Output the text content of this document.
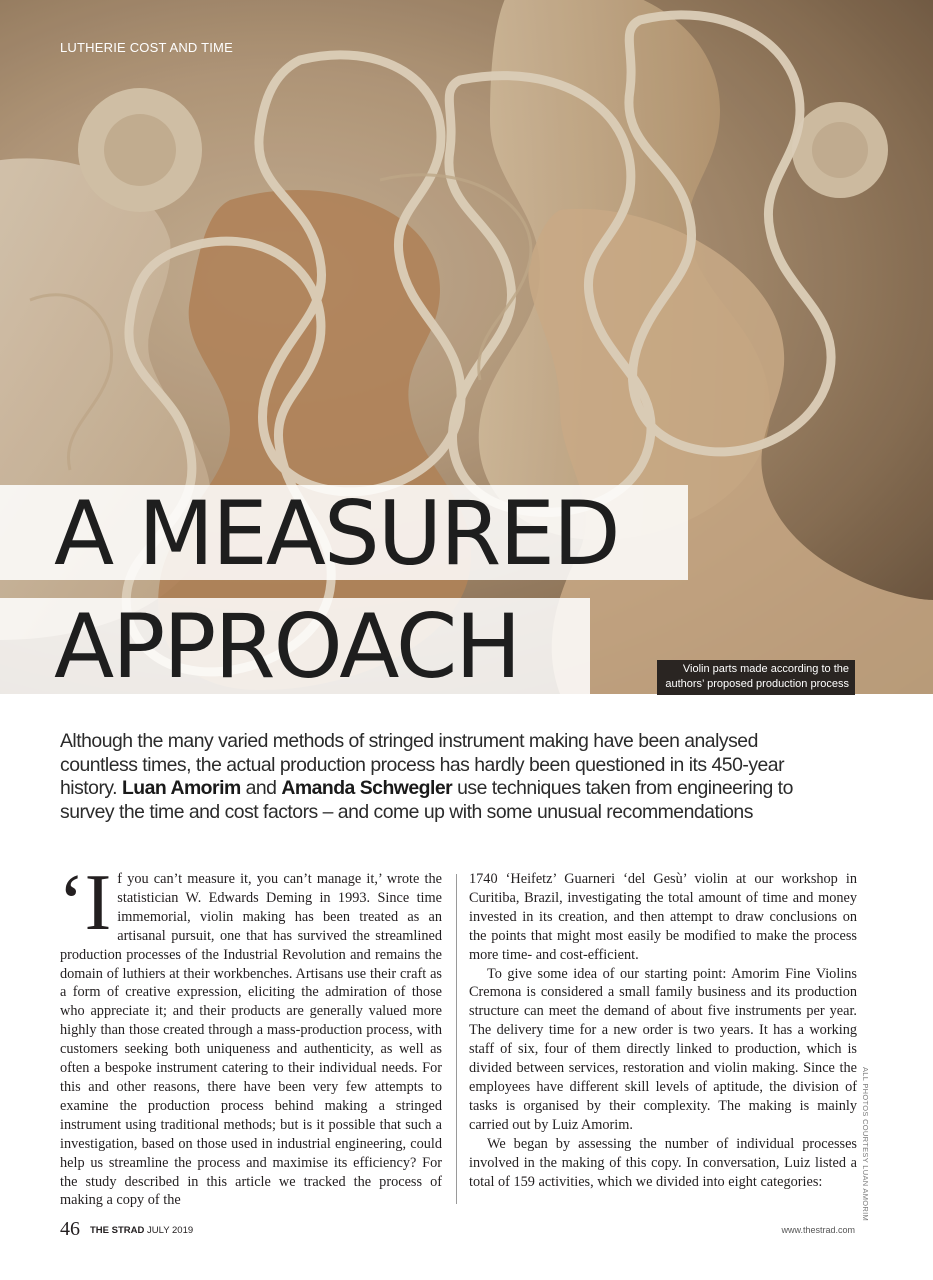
LUTHERIE COST AND TIME
A MEASURED
APPROACH	Violin parts made according to the
authors’ proposed production process
Although the many varied methods of stringed instrument making have been analysed countless times, the actual production process has hardly been questioned in its 450-year history. Luan Amorim and Amanda Schwegler use techniques taken from engineering to survey the time and cost factors – and come up with some unusual recommendations

‘If you can’t measure it, you can’t manage it,’ wrote the statistician W. Edwards Deming in 1993. Since time immemorial, violin making has been treated as an artisanal pursuit, one that has survived the streamlined production processes of the Industrial Revolution and remains the domain of luthiers at their workbenches. Artisans use their craft as a form of creative expression, eliciting the admiration of those who appreciate it; and their products are generally valued more highly than those created through a mass-production process, with customers seeking both uniqueness and authenticity, as well as often a bespoke instrument catering to their individual needs. For this and other reasons, there have been very few attempts to examine the production process behind making a stringed instrument using traditional methods; but is it possible that such a investigation, based on those used in industrial engineering, could help us streamline the process and maximise its efficiency? For the study described in this article we tracked the process of making a copy of the

1740 ‘Heifetz’ Guarneri ‘del Gesù’ violin at our workshop in Curitiba, Brazil, investigating the total amount of time and money invested in its creation, and then attempt to draw conclusions on the points that might most easily be modified to make the process more time- and cost-efficient.

To give some idea of our starting point: Amorim Fine Violins Cremona is considered a small family business and its production structure can meet the demand of about five instruments per year. The delivery time for a new order is two years. It has a working staff of six, four of them directly linked to production, which is divided between services, restoration and violin making. Since the employees have different skill levels of aptitude, the division of tasks is organised by their complexity. The making is mainly carried out by Luiz Amorim.

We began by assessing the number of individual processes involved in the making of this copy. In conversation, Luiz listed a total of 159 activities, which we divided into eight categories:	ALL PHOTOS COURTESY LUAN AMORIM
46 THE STRAD JULY 2019	www.thestrad.com
